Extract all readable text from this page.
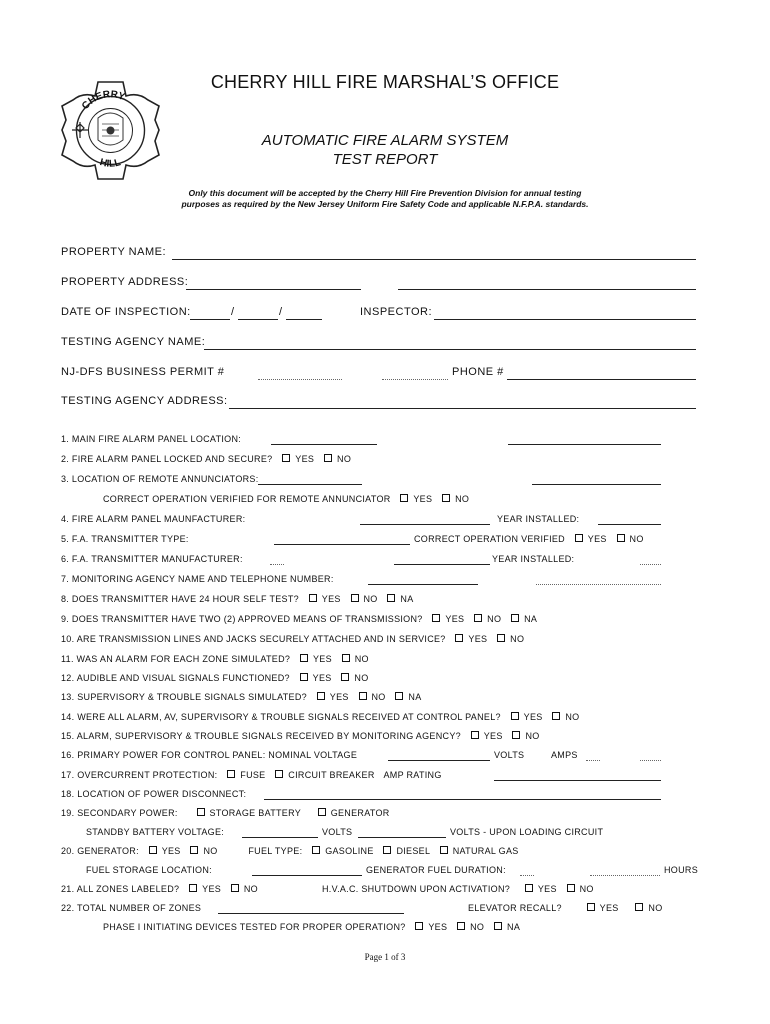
CHERRY
HILL
CHERRY HILL FIRE MARSHAL’S OFFICE
AUTOMATIC FIRE ALARM SYSTEM
TEST REPORT
Only this document will be accepted by the Cherry Hill Fire Prevention Division for annual testing
purposes as required by the New Jersey Uniform Fire Safety Code and applicable N.F.P.A. standards.
PROPERTY NAME:
PROPERTY ADDRESS:
DATE OF INSPECTION:	/	/	INSPECTOR:
TESTING AGENCY NAME:
NJ-DFS BUSINESS PERMIT #	PHONE #
TESTING AGENCY ADDRESS:
1. MAIN FIRE ALARM PANEL LOCATION:
2. FIRE ALARM PANEL LOCKED AND SECURE?	YES	NO
3. LOCATION OF REMOTE ANNUNCIATORS:
CORRECT OPERATION VERIFIED FOR REMOTE ANNUNCIATOR	YES	NO
4. FIRE ALARM PANEL MAUNFACTURER:	YEAR INSTALLED:
5. F.A. TRANSMITTER TYPE:	CORRECT OPERATION VERIFIED	YES	NO
6. F.A. TRANSMITTER MANUFACTURER:	YEAR INSTALLED:
7. MONITORING AGENCY NAME AND TELEPHONE NUMBER:
8. DOES TRANSMITTER HAVE 24 HOUR SELF TEST?	YES	NO	NA
9. DOES TRANSMITTER HAVE TWO (2) APPROVED MEANS OF TRANSMISSION?	YES	NO	NA
10. ARE TRANSMISSION LINES AND JACKS SECURELY ATTACHED AND IN SERVICE?	YES	NO
11. WAS AN ALARM FOR EACH ZONE SIMULATED?	YES	NO
12. AUDIBLE AND VISUAL SIGNALS FUNCTIONED?	YES	NO
13. SUPERVISORY & TROUBLE SIGNALS SIMULATED?	YES	NO	NA
14. WERE ALL ALARM, AV, SUPERVISORY & TROUBLE SIGNALS RECEIVED AT CONTROL PANEL?	YES	NO
15. ALARM, SUPERVISORY & TROUBLE SIGNALS RECEIVED BY MONITORING AGENCY?	YES	NO
16. PRIMARY POWER FOR CONTROL PANEL: NOMINAL VOLTAGE	VOLTS	AMPS
17. OVERCURRENT PROTECTION:	FUSE	CIRCUIT BREAKER AMP RATING
18. LOCATION OF POWER DISCONNECT:
19. SECONDARY POWER:	STORAGE BATTERY	GENERATOR
STANDBY BATTERY VOLTAGE:	VOLTS	VOLTS - UPON LOADING CIRCUIT
20. GENERATOR:	YES	NO	FUEL TYPE:	GASOLINE	DIESEL	NATURAL GAS
FUEL STORAGE LOCATION:	GENERATOR FUEL DURATION:	HOURS
21. ALL ZONES LABELED?	YES	NO	H.V.A.C. SHUTDOWN UPON ACTIVATION?	YES	NO
22. TOTAL NUMBER OF ZONES	ELEVATOR RECALL?	YES	NO
PHASE I INITIATING DEVICES TESTED FOR PROPER OPERATION?	YES	NO	NA
Page 1 of 3
